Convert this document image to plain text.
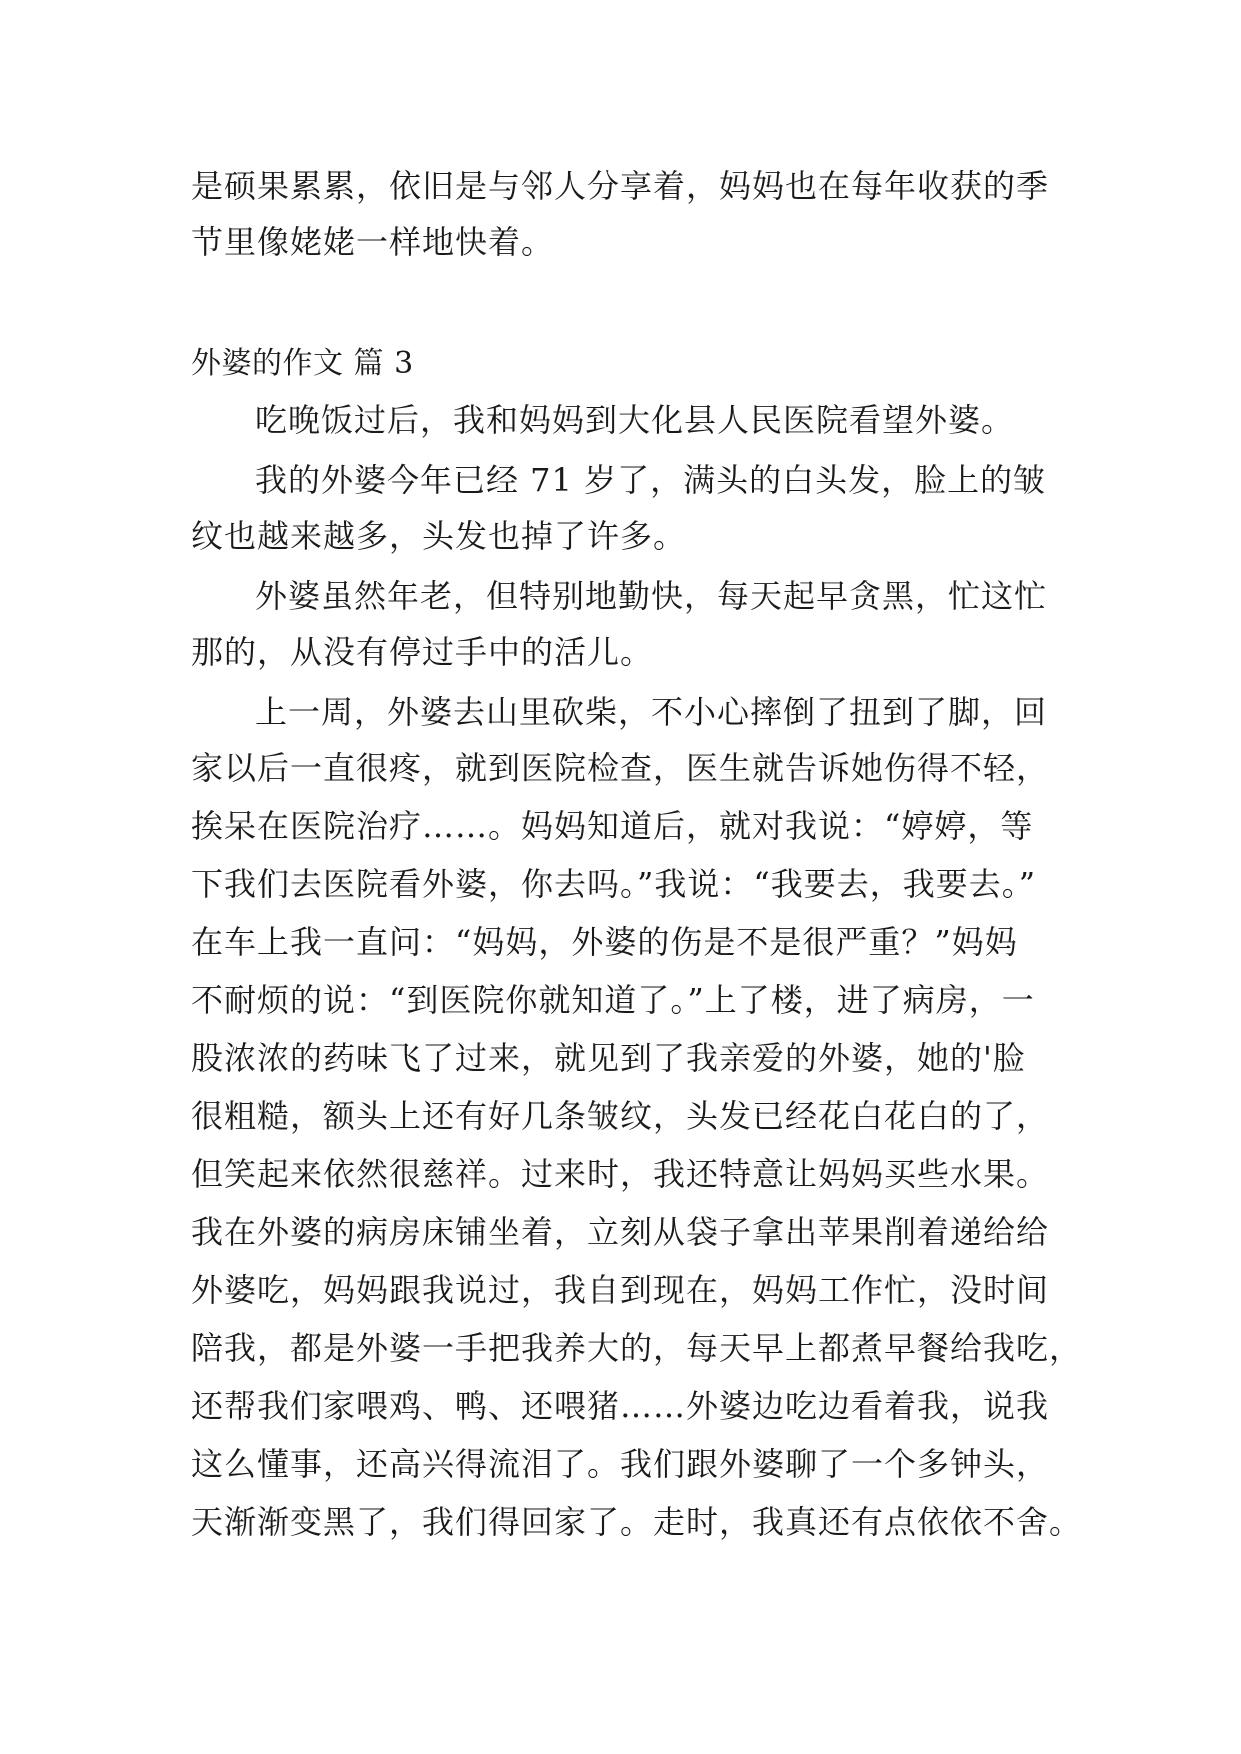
是硕果累累，依旧是与邻人分享着，妈妈也在每年收获的季
节里像姥姥一样地快着。
外婆的作文 篇 3
吃晚饭过后，我和妈妈到大化县人民医院看望外婆。
我的外婆今年已经 71 岁了，满头的白头发，脸上的皱
纹也越来越多，头发也掉了许多。
外婆虽然年老，但特别地勤快，每天起早贪黑，忙这忙
那的，从没有停过手中的活儿。
上一周，外婆去山里砍柴，不小心摔倒了扭到了脚，回
家以后一直很疼，就到医院检查，医生就告诉她伤得不轻，
挨呆在医院治疗……。妈妈知道后，就对我说：“婷婷，等
下我们去医院看外婆，你去吗。”我说：“我要去，我要去。”
在车上我一直问：“妈妈，外婆的伤是不是很严重？”妈妈
不耐烦的说：“到医院你就知道了。”上了楼，进了病房，一
股浓浓的药味飞了过来，就见到了我亲爱的外婆，她的'脸
很粗糙，额头上还有好几条皱纹，头发已经花白花白的了，
但笑起来依然很慈祥。过来时，我还特意让妈妈买些水果。
我在外婆的病房床铺坐着，立刻从袋子拿出苹果削着递给给
外婆吃，妈妈跟我说过，我自到现在，妈妈工作忙，没时间
陪我，都是外婆一手把我养大的，每天早上都煮早餐给我吃，
还帮我们家喂鸡、鸭、还喂猪……外婆边吃边看着我，说我
这么懂事，还高兴得流泪了。我们跟外婆聊了一个多钟头，
天渐渐变黑了，我们得回家了。走时，我真还有点依依不舍。
